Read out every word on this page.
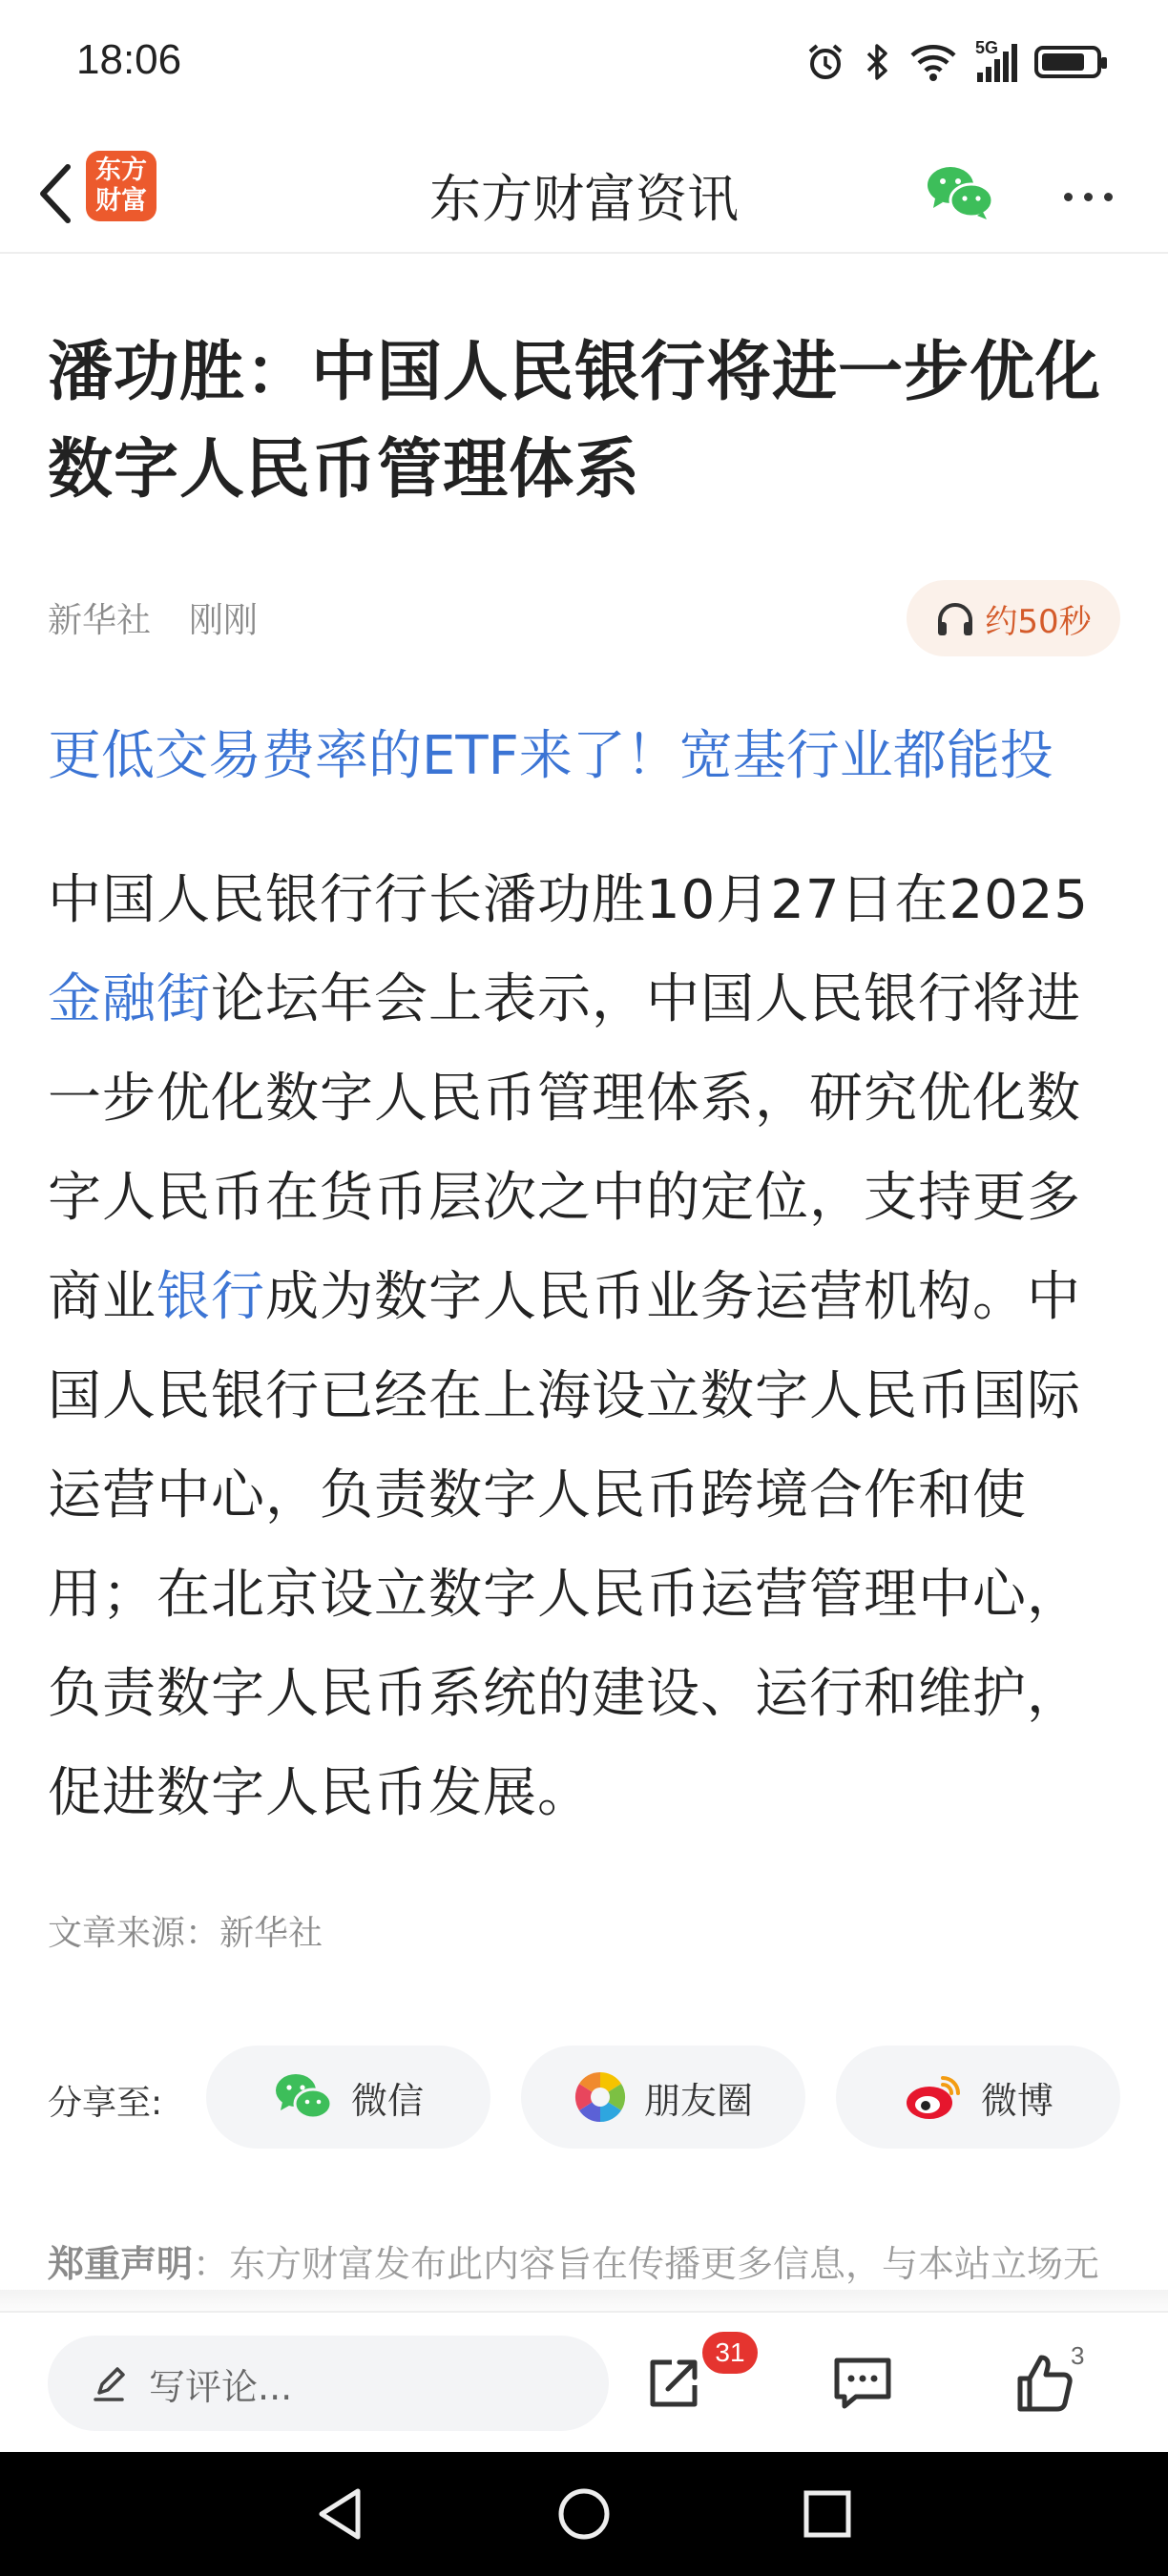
18:06	5G
东方
财富	东方财富资讯
潘功胜：中国人民银行将进一步优化数字人民币管理体系
新华社 刚刚	约50秒
更低交易费率的ETF来了！宽基行业都能投
中国人民银行行长潘功胜10月27日在2025金融街论坛年会上表示，中国人民银行将进一步优化数字人民币管理体系，研究优化数字人民币在货币层次之中的定位，支持更多商业银行成为数字人民币业务运营机构。中国人民银行已经在上海设立数字人民币国际运营中心，负责数字人民币跨境合作和使用；在北京设立数字人民币运营管理中心，负责数字人民币系统的建设、运行和维护，促进数字人民币发展。
文章来源：新华社
分享至:	微信	朋友圈	微博
郑重声明：东方财富发布此内容旨在传播更多信息，与本站立场无
写评论...
31	3
